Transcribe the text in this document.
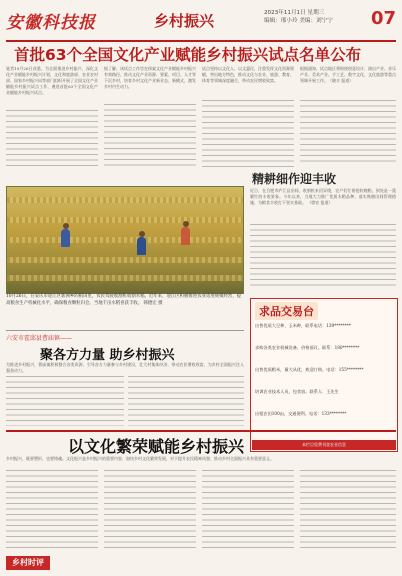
安徽科技报	乡村振兴	2023年11月1日 星期三
编辑：邢小玲 美编：刘宁宁	07
首批63个全国文化产业赋能乡村振兴试点名单公布
笔者10月26日获悉，为全面推进乡村振兴，深化文化产业赋能乡村振兴计划，文化和旅游部、农业农村部、国家乡村振兴局等部门组织开展了全国文化产业赋能乡村振兴试点工作，遴选首批63个全国文化产业赋能乡村振兴试点。
据了解，该试点工作旨在探索文化产业赋能乡村振兴有效路径，推动文化产业资源、要素、项目、人才等下沉乡村，培育乡村文化产业新业态、新模式，激发乡村内生动力。
试点坚持以文化人、以文惠民，注重发挥文化资源禀赋，突出地方特色，推动文化与农业、旅游、教育、体育等领域深度融合，带动农民增收致富。
根据通知，试点地区将围绕创意设计、演出产业、音乐产业、美术产业、手工艺、数字文化、文化旅游等重点领域开展工作。（晓丰 报道）
10月26日，在安庆市迎江区新洲乡的稻田里，农民驾驶收割机收割水稻。近年来，迎江区积极推进农业适度规模经营，提高粮食生产机械化水平，确保粮食颗粒归仓。当地千亩水稻喜获丰收。 韩德宏 摄
精耕细作迎丰收
近日，在合肥市庐江县田间，收割机来回穿梭，农户们忙着抢收晚稻，到处是一派繁忙的丰收景象。今年以来，当地大力推广优质水稻品种，落实秋粮田间管理措施，为粮食丰收打下坚实基础。 （徐宏 报道）
求品交易台
出售优质大豆种、玉米种，联系电话：139********
求购各类农业机械设备，价格面议。联系：180********
出售优质稻米，量大从优，欢迎订购。电话：155********
培训农业技术人员，包食宿。联系人：王先生
出租农田100亩，交通便利。电话：133********
本栏目免费刊登农业信息
六安市霍邱县曹庙镇——
聚各方力量 助乡村振兴
为推进乡村振兴，曹庙镇积极整合各类资源，引导各方力量参与乡村建设，壮大村集体经济，带动农民增收致富，为乡村全面振兴注入强劲动力。
以文化繁荣赋能乡村振兴
乡村振兴，既要塑形，也要铸魂。文化振兴是乡村振兴的重要内容，加快乡村文化繁荣发展，对于提升农民精神风貌、推动乡村全面振兴具有重要意义。
乡村时评
